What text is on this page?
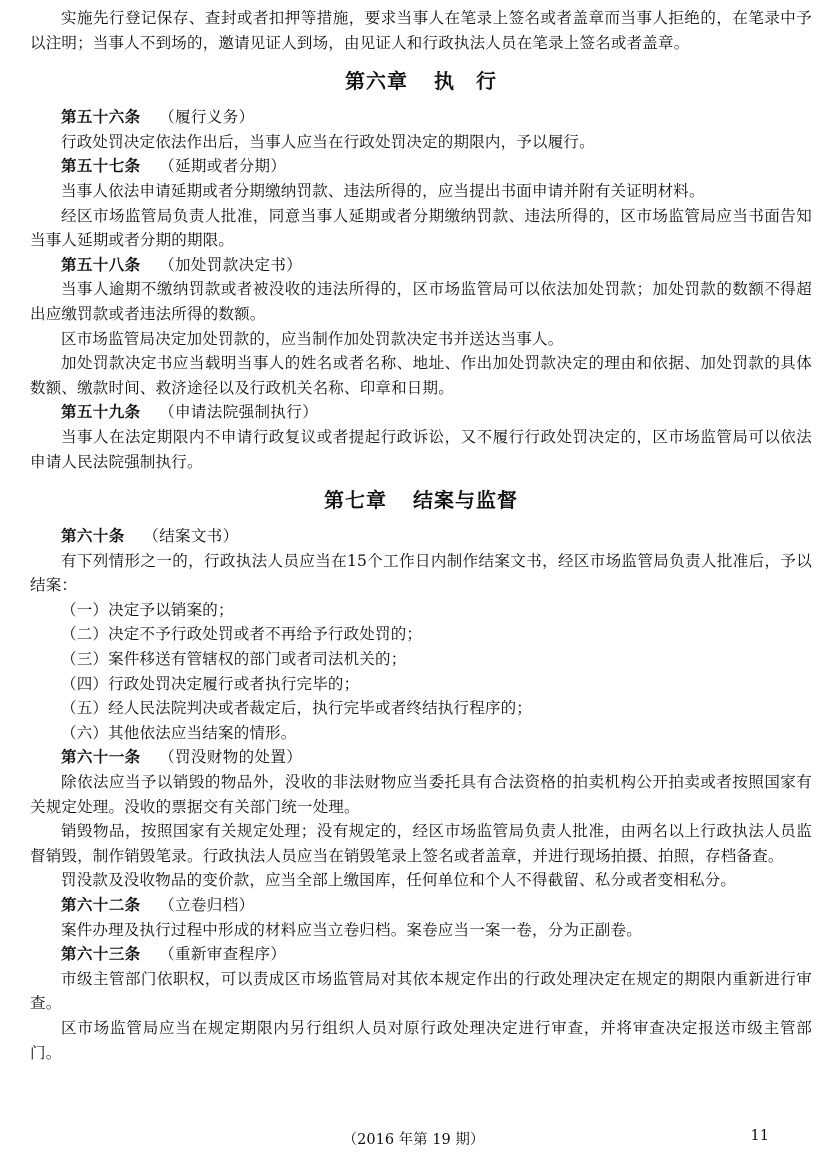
实施先行登记保存、查封或者扣押等措施，要求当事人在笔录上签名或者盖章而当事人拒绝的，在笔录中予以注明；当事人不到场的，邀请见证人到场，由见证人和行政执法人员在笔录上签名或者盖章。

第六章 执　行

第五十六条 （履行义务）

行政处罚决定依法作出后，当事人应当在行政处罚决定的期限内，予以履行。

第五十七条 （延期或者分期）

当事人依法申请延期或者分期缴纳罚款、违法所得的，应当提出书面申请并附有关证明材料。

经区市场监管局负责人批准，同意当事人延期或者分期缴纳罚款、违法所得的，区市场监管局应当书面告知当事人延期或者分期的期限。

第五十八条 （加处罚款决定书）

当事人逾期不缴纳罚款或者被没收的违法所得的，区市场监管局可以依法加处罚款；加处罚款的数额不得超出应缴罚款或者违法所得的数额。

区市场监管局决定加处罚款的，应当制作加处罚款决定书并送达当事人。

加处罚款决定书应当载明当事人的姓名或者名称、地址、作出加处罚款决定的理由和依据、加处罚款的具体数额、缴款时间、救济途径以及行政机关名称、印章和日期。

第五十九条 （申请法院强制执行）

当事人在法定期限内不申请行政复议或者提起行政诉讼，又不履行行政处罚决定的，区市场监管局可以依法申请人民法院强制执行。

第七章 结案与监督

第六十条 （结案文书）

有下列情形之一的，行政执法人员应当在15个工作日内制作结案文书，经区市场监管局负责人批准后，予以结案：

（一）决定予以销案的；

（二）决定不予行政处罚或者不再给予行政处罚的；

（三）案件移送有管辖权的部门或者司法机关的；

（四）行政处罚决定履行或者执行完毕的；

（五）经人民法院判决或者裁定后，执行完毕或者终结执行程序的；

（六）其他依法应当结案的情形。

第六十一条 （罚没财物的处置）

除依法应当予以销毁的物品外，没收的非法财物应当委托具有合法资格的拍卖机构公开拍卖或者按照国家有关规定处理。没收的票据交有关部门统一处理。

销毁物品，按照国家有关规定处理；没有规定的，经区市场监管局负责人批准，由两名以上行政执法人员监督销毁，制作销毁笔录。行政执法人员应当在销毁笔录上签名或者盖章，并进行现场拍摄、拍照，存档备查。

罚没款及没收物品的变价款，应当全部上缴国库，任何单位和个人不得截留、私分或者变相私分。

第六十二条 （立卷归档）

案件办理及执行过程中形成的材料应当立卷归档。案卷应当一案一卷，分为正副卷。

第六十三条 （重新审查程序）

市级主管部门依职权，可以责成区市场监管局对其依本规定作出的行政处理决定在规定的期限内重新进行审查。

区市场监管局应当在规定期限内另行组织人员对原行政处理决定进行审查，并将审查决定报送市级主管部门。

（2016 年第 19 期）	11
